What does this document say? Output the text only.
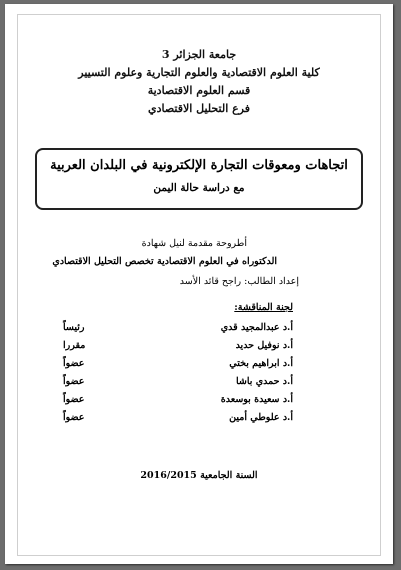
جامعة الجزائر 3
كلية العلوم الاقتصادية والعلوم التجارية وعلوم التسيير
قسم العلوم الاقتصادية
فرع التحليل الاقتصادي
اتجاهات ومعوقات التجارة الإلكترونية في البلدان العربية
مع دراسة حالة اليمن
أطروحة مقدمة لنيل شهادة
الدكتوراه في العلوم الاقتصادية تخصص التحليل الاقتصادي
إعداد الطالب: راجح قائد الأسد
لجنة المناقشة:
أ.د عبدالمجيد قدي
رئيساً
أ.د نوفيل حديد
مقررا
أ.د ابراهيم بختي
عضواً
أ.د حمدي باشا
عضواً
أ.د سعيدة بوسعدة
عضواً
أ.د علوطي أمين
عضواً
السنة الجامعية 2016/2015
